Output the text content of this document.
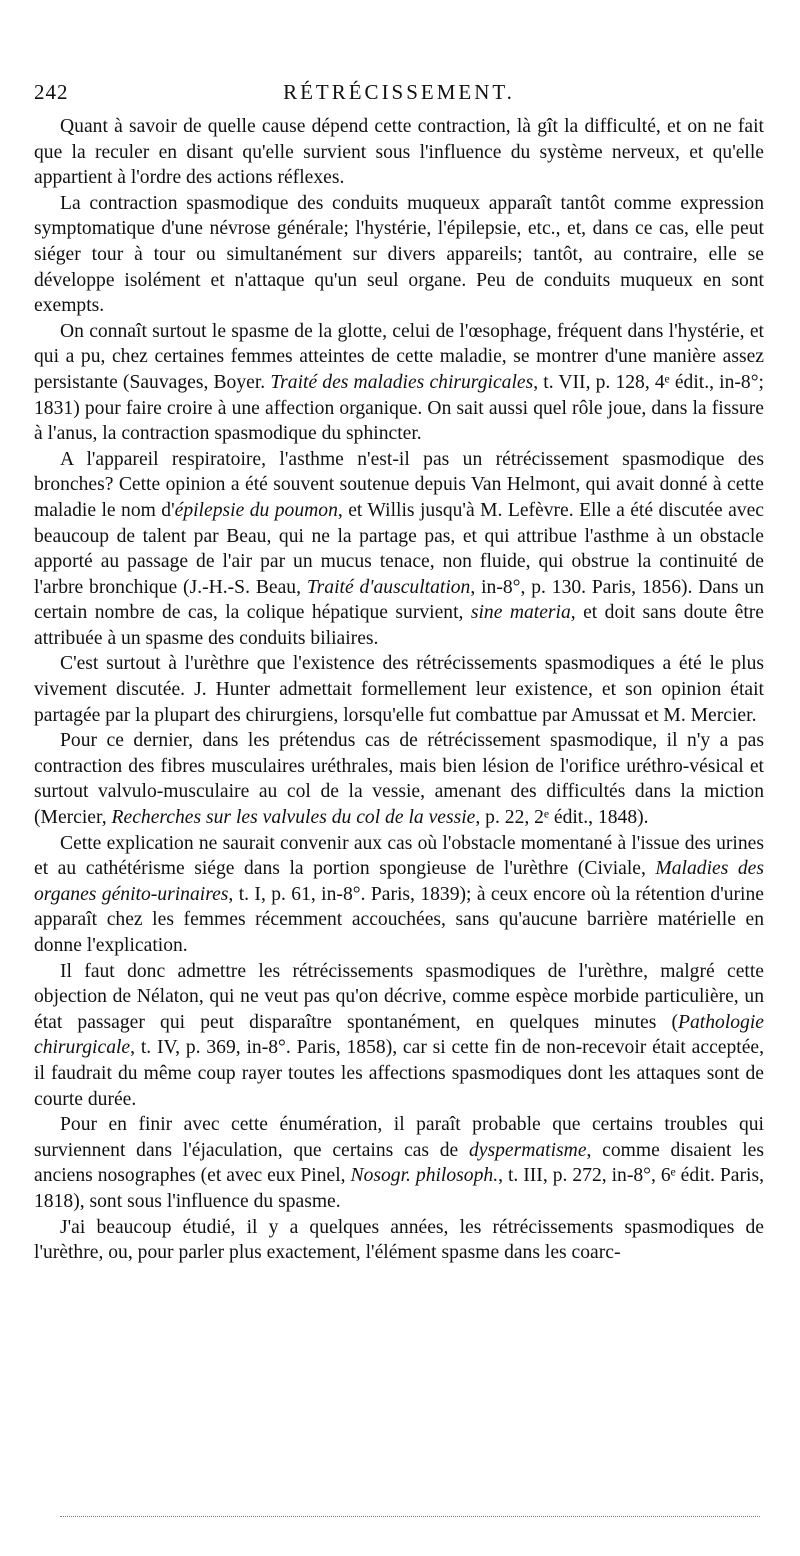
242	RÉTRÉCISSEMENT.

Quant à savoir de quelle cause dépend cette contraction, là gît la difficulté, et on ne fait que la reculer en disant qu'elle survient sous l'influence du système nerveux, et qu'elle appartient à l'ordre des actions réflexes.

La contraction spasmodique des conduits muqueux apparaît tantôt comme expression symptomatique d'une névrose générale; l'hystérie, l'épilepsie, etc., et, dans ce cas, elle peut siéger tour à tour ou simultanément sur divers appareils; tantôt, au contraire, elle se développe isolément et n'attaque qu'un seul organe. Peu de conduits muqueux en sont exempts.

On connaît surtout le spasme de la glotte, celui de l'œsophage, fréquent dans l'hystérie, et qui a pu, chez certaines femmes atteintes de cette maladie, se montrer d'une manière assez persistante (Sauvages, Boyer. Traité des maladies chirurgicales, t. VII, p. 128, 4ᵉ édit., in-8°; 1831) pour faire croire à une affection organique. On sait aussi quel rôle joue, dans la fissure à l'anus, la contraction spasmodique du sphincter.

A l'appareil respiratoire, l'asthme n'est-il pas un rétrécissement spasmodique des bronches? Cette opinion a été souvent soutenue depuis Van Helmont, qui avait donné à cette maladie le nom d'épilepsie du poumon, et Willis jusqu'à M. Lefèvre. Elle a été discutée avec beaucoup de talent par Beau, qui ne la partage pas, et qui attribue l'asthme à un obstacle apporté au passage de l'air par un mucus tenace, non fluide, qui obstrue la continuité de l'arbre bronchique (J.-H.-S. Beau, Traité d'auscultation, in-8°, p. 130. Paris, 1856). Dans un certain nombre de cas, la colique hépatique survient, sine materia, et doit sans doute être attribuée à un spasme des conduits biliaires.

C'est surtout à l'urèthre que l'existence des rétrécissements spasmodiques a été le plus vivement discutée. J. Hunter admettait formellement leur existence, et son opinion était partagée par la plupart des chirurgiens, lorsqu'elle fut combattue par Amussat et M. Mercier.

Pour ce dernier, dans les prétendus cas de rétrécissement spasmodique, il n'y a pas contraction des fibres musculaires uréthrales, mais bien lésion de l'orifice uréthro-vésical et surtout valvulo-musculaire au col de la vessie, amenant des difficultés dans la miction (Mercier, Recherches sur les valvules du col de la vessie, p. 22, 2ᵉ édit., 1848).

Cette explication ne saurait convenir aux cas où l'obstacle momentané à l'issue des urines et au cathétérisme siége dans la portion spongieuse de l'urèthre (Civiale, Maladies des organes génito-urinaires, t. I, p. 61, in-8°. Paris, 1839); à ceux encore où la rétention d'urine apparaît chez les femmes récemment accouchées, sans qu'aucune barrière matérielle en donne l'explication.

Il faut donc admettre les rétrécissements spasmodiques de l'urèthre, malgré cette objection de Nélaton, qui ne veut pas qu'on décrive, comme espèce morbide particulière, un état passager qui peut disparaître spontanément, en quelques minutes (Pathologie chirurgicale, t. IV, p. 369, in-8°. Paris, 1858), car si cette fin de non-recevoir était acceptée, il faudrait du même coup rayer toutes les affections spasmodiques dont les attaques sont de courte durée.

Pour en finir avec cette énumération, il paraît probable que certains troubles qui surviennent dans l'éjaculation, que certains cas de dyspermatisme, comme disaient les anciens nosographes (et avec eux Pinel, Nosogr. philosoph., t. III, p. 272, in-8°, 6ᵉ édit. Paris, 1818), sont sous l'influence du spasme.

J'ai beaucoup étudié, il y a quelques années, les rétrécissements spasmodiques de l'urèthre, ou, pour parler plus exactement, l'élément spasme dans les coarc-
